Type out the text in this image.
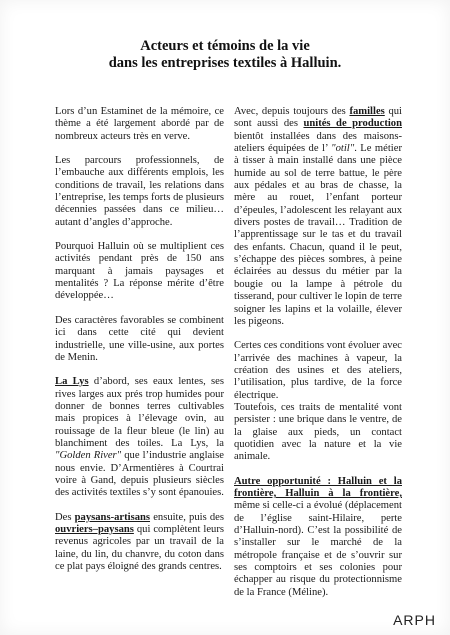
Acteurs et témoins de la vie
dans les entreprises textiles à Halluin.

Lors d’un Estaminet de la mémoire, ce thème a été largement abordé par de nombreux acteurs très en verve.

Les parcours professionnels, de l’embauche aux différents emplois, les conditions de travail, les relations dans l’entreprise, les temps forts de plusieurs décennies passées dans ce milieu… autant d’angles d’approche.

Pourquoi Halluin où se multiplient ces activités pendant près de 150 ans marquant à jamais paysages et mentalités ? La réponse mérite d’être développée…

Des caractères favorables se combinent ici dans cette cité qui devient industrielle, une ville-usine, aux portes de Menin.

La Lys d’abord, ses eaux lentes, ses rives larges aux prés trop humides pour donner de bonnes terres cultivables mais propices à l’élevage ovin, au rouissage de la fleur bleue (le lin) au blanchiment des toiles. La Lys, la "Golden River" que l’industrie anglaise nous envie. D’Armentières à Courtrai voire à Gand, depuis plusieurs siècles des activités textiles s’y sont épanouies.

Des paysans-artisans ensuite, puis des ouvriers–paysans qui complètent leurs revenus agricoles par un travail de la laine, du lin, du chanvre, du coton dans ce plat pays éloigné des grands centres.

Avec, depuis toujours des familles qui sont aussi des unités de production bientôt installées dans des maisons-ateliers équipées de l’ "otil". Le métier à tisser à main installé dans une pièce humide au sol de terre battue, le père aux pédales et au bras de chasse, la mère au rouet, l’enfant porteur d’épeules, l’adolescent les relayant aux divers postes de travail… Tradition de l’apprentissage sur le tas et du travail des enfants. Chacun, quand il le peut, s’échappe des pièces sombres, à peine éclairées au dessus du métier par la bougie ou la lampe à pétrole du tisserand, pour cultiver le lopin de terre soigner les lapins et la volaille, élever les pigeons.

Certes ces conditions vont évoluer avec l’arrivée des machines à vapeur, la création des usines et des ateliers, l’utilisation, plus tardive, de la force électrique.

Toutefois, ces traits de mentalité vont persister : une brique dans le ventre, de la glaise aux pieds, un contact quotidien avec la nature et la vie animale.

Autre opportunité : Halluin et la frontière, Halluin à la frontière, même si celle-ci a évolué (déplacement de l’église saint-Hilaire, perte d’Halluin-nord). C’est la possibilité de s’installer sur le marché de la métropole française et de s’ouvrir sur ses comptoirs et ses colonies pour échapper au risque du protectionnisme de la France (Méline).

ARPH
